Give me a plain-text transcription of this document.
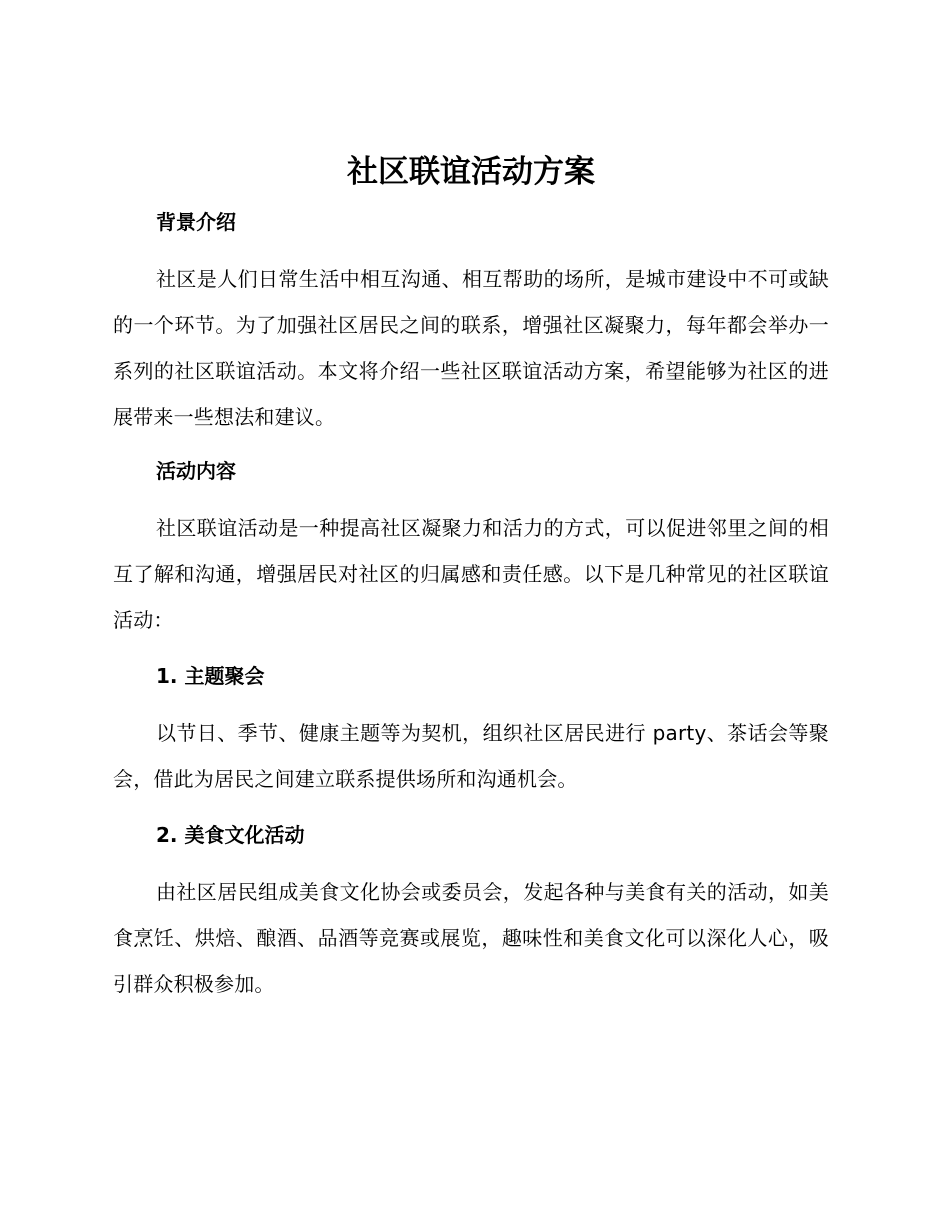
社区联谊活动方案
背景介绍

社区是人们日常生活中相互沟通、相互帮助的场所，是城市建设中不可或缺的一个环节。为了加强社区居民之间的联系，增强社区凝聚力，每年都会举办一系列的社区联谊活动。本文将介绍一些社区联谊活动方案，希望能够为社区的进展带来一些想法和建议。

活动内容

社区联谊活动是一种提高社区凝聚力和活力的方式，可以促进邻里之间的相互了解和沟通，增强居民对社区的归属感和责任感。以下是几种常见的社区联谊活动：

1. 主题聚会

以节日、季节、健康主题等为契机，组织社区居民进行 party、茶话会等聚会，借此为居民之间建立联系提供场所和沟通机会。

2. 美食文化活动

由社区居民组成美食文化协会或委员会，发起各种与美食有关的活动，如美食烹饪、烘焙、酿酒、品酒等竞赛或展览，趣味性和美食文化可以深化人心，吸引群众积极参加。
